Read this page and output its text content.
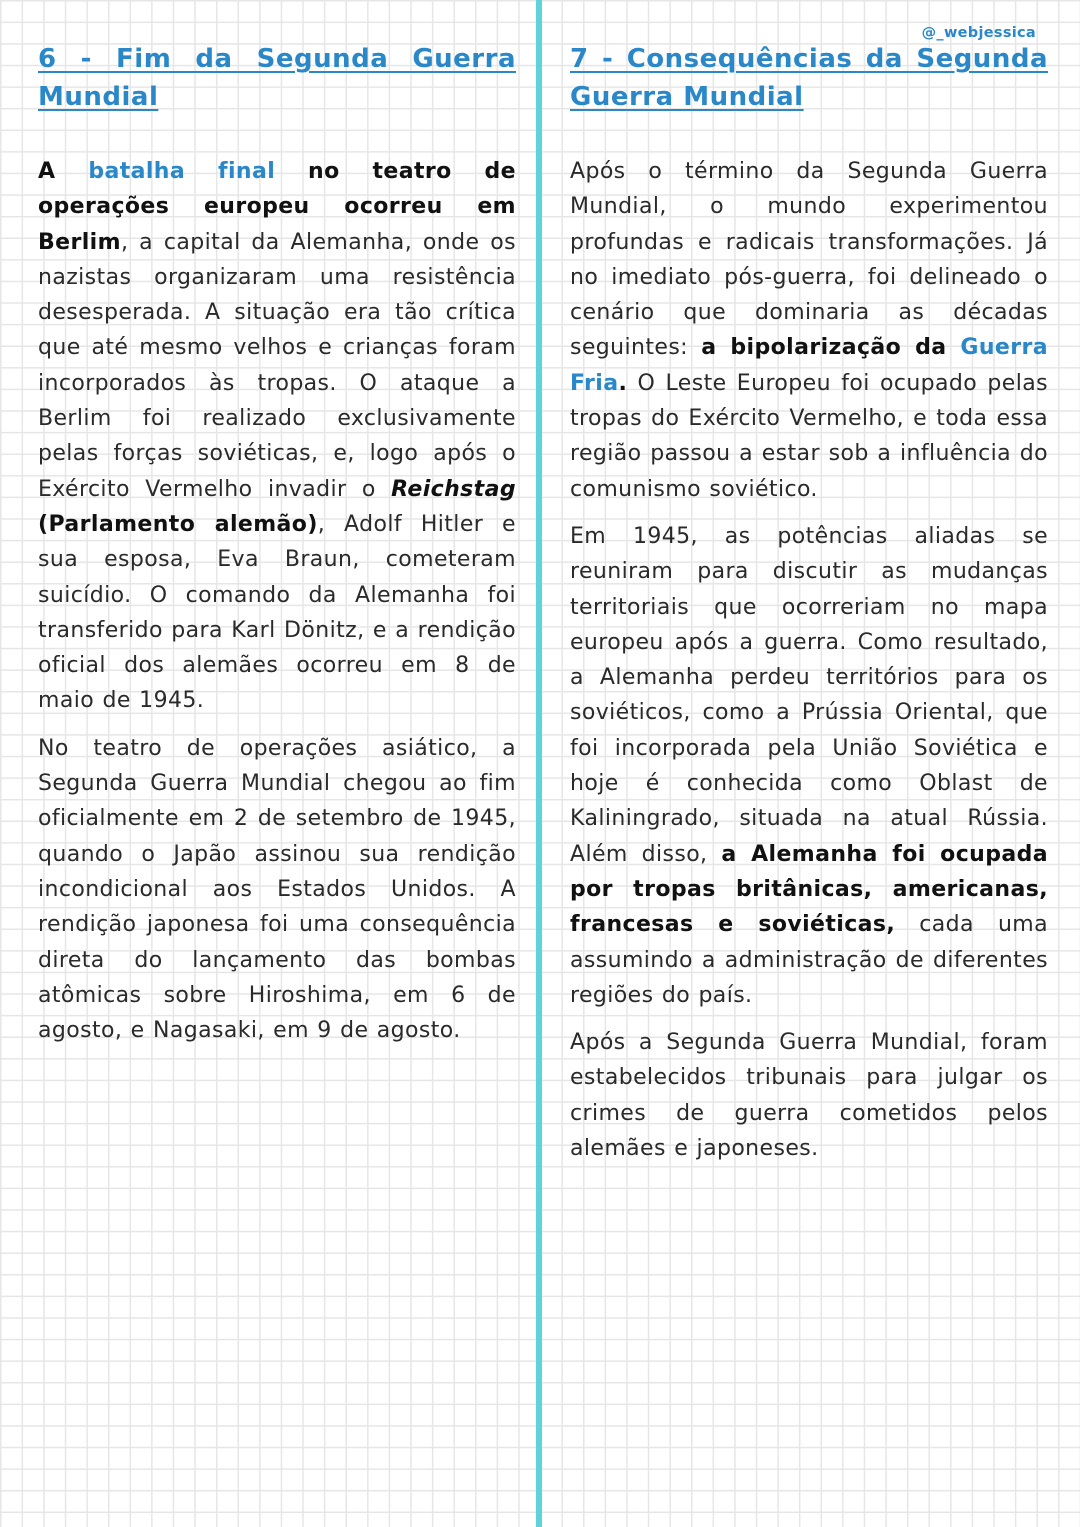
@_webjessica
6 - Fim da Segunda Guerra Mundial

A batalha final no teatro de operações europeu ocorreu em Berlim, a capital da Alemanha, onde os nazistas organizaram uma resistência desesperada. A situação era tão crítica que até mesmo velhos e crianças foram incorporados às tropas. O ataque a Berlim foi realizado exclusivamente pelas forças soviéticas, e, logo após o Exército Vermelho invadir o Reichstag (Parlamento alemão), Adolf Hitler e sua esposa, Eva Braun, cometeram suicídio. O comando da Alemanha foi transferido para Karl Dönitz, e a rendição oficial dos alemães ocorreu em 8 de maio de 1945.

No teatro de operações asiático, a Segunda Guerra Mundial chegou ao fim oficialmente em 2 de setembro de 1945, quando o Japão assinou sua rendição incondicional aos Estados Unidos. A rendição japonesa foi uma consequência direta do lançamento das bombas atômicas sobre Hiroshima, em 6 de agosto, e Nagasaki, em 9 de agosto.

7 - Consequências da Segunda Guerra Mundial

Após o término da Segunda Guerra Mundial, o mundo experimentou profundas e radicais transformações. Já no imediato pós-guerra, foi delineado o cenário que dominaria as décadas seguintes: a bipolarização da Guerra Fria. O Leste Europeu foi ocupado pelas tropas do Exército Vermelho, e toda essa região passou a estar sob a influência do comunismo soviético.

Em 1945, as potências aliadas se reuniram para discutir as mudanças territoriais que ocorreriam no mapa europeu após a guerra. Como resultado, a Alemanha perdeu territórios para os soviéticos, como a Prússia Oriental, que foi incorporada pela União Soviética e hoje é conhecida como Oblast de Kaliningrado, situada na atual Rússia. Além disso, a Alemanha foi ocupada por tropas britânicas, americanas, francesas e soviéticas, cada uma assumindo a administração de diferentes regiões do país.

Após a Segunda Guerra Mundial, foram estabelecidos tribunais para julgar os crimes de guerra cometidos pelos alemães e japoneses.
